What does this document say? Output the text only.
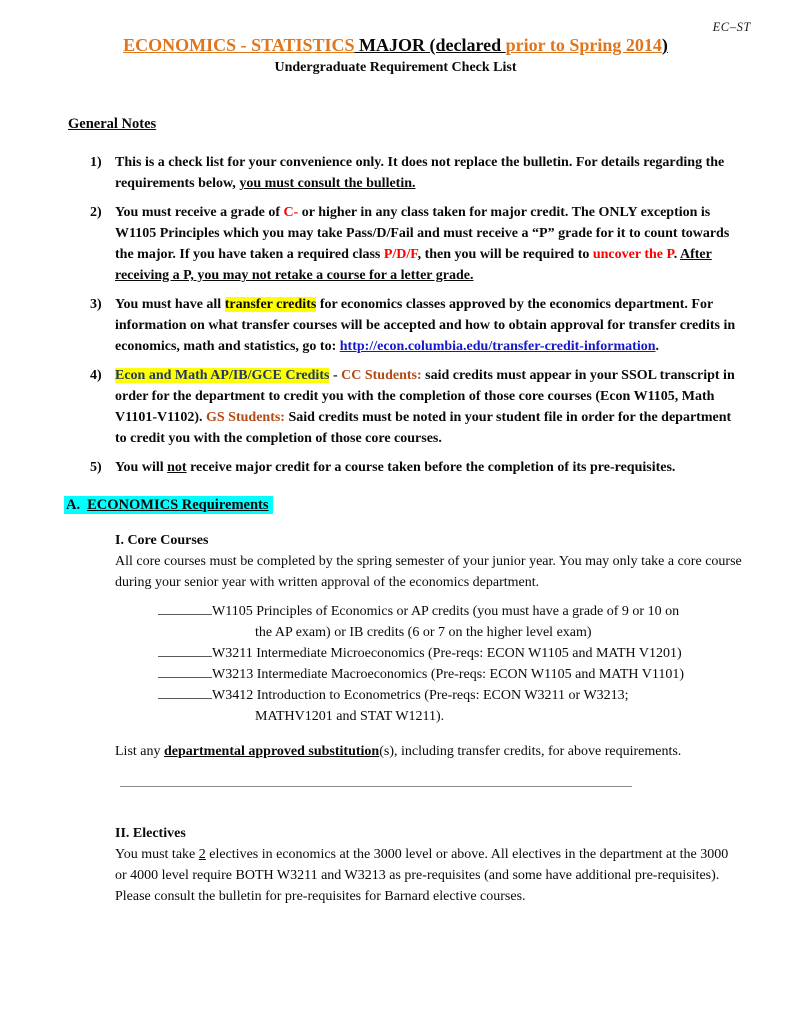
EC–ST
ECONOMICS - STATISTICS MAJOR (declared prior to Spring 2014)
Undergraduate Requirement Check List
General Notes
1) This is a check list for your convenience only. It does not replace the bulletin. For details regarding the requirements below, you must consult the bulletin.
2) You must receive a grade of C- or higher in any class taken for major credit. The ONLY exception is W1105 Principles which you may take Pass/D/Fail and must receive a “P” grade for it to count towards the major. If you have taken a required class P/D/F, then you will be required to uncover the P. After receiving a P, you may not retake a course for a letter grade.
3) You must have all transfer credits for economics classes approved by the economics department. For information on what transfer courses will be accepted and how to obtain approval for transfer credits in economics, math and statistics, go to: http://econ.columbia.edu/transfer-credit-information.
4) Econ and Math AP/IB/GCE Credits - CC Students: said credits must appear in your SSOL transcript in order for the department to credit you with the completion of those core courses (Econ W1105, Math V1101-V1102). GS Students: Said credits must be noted in your student file in order for the department to credit you with the completion of those core courses.
5) You will not receive major credit for a course taken before the completion of its pre-requisites.
A. ECONOMICS Requirements
I. Core Courses
All core courses must be completed by the spring semester of your junior year. You may only take a core course during your senior year with written approval of the economics department.
W1105 Principles of Economics or AP credits (you must have a grade of 9 or 10 on
the AP exam) or IB credits (6 or 7 on the higher level exam)
W3211 Intermediate Microeconomics (Pre-reqs: ECON W1105 and MATH V1201)
W3213 Intermediate Macroeconomics (Pre-reqs: ECON W1105 and MATH V1101)
W3412 Introduction to Econometrics (Pre-reqs: ECON W3211 or W3213;
MATHV1201 and STAT W1211).
List any departmental approved substitution(s), including transfer credits, for above requirements.
II. Electives
You must take 2 electives in economics at the 3000 level or above. All electives in the department at the 3000 or 4000 level require BOTH W3211 and W3213 as pre-requisites (and some have additional pre-requisites). Please consult the bulletin for pre-requisites for Barnard elective courses.
